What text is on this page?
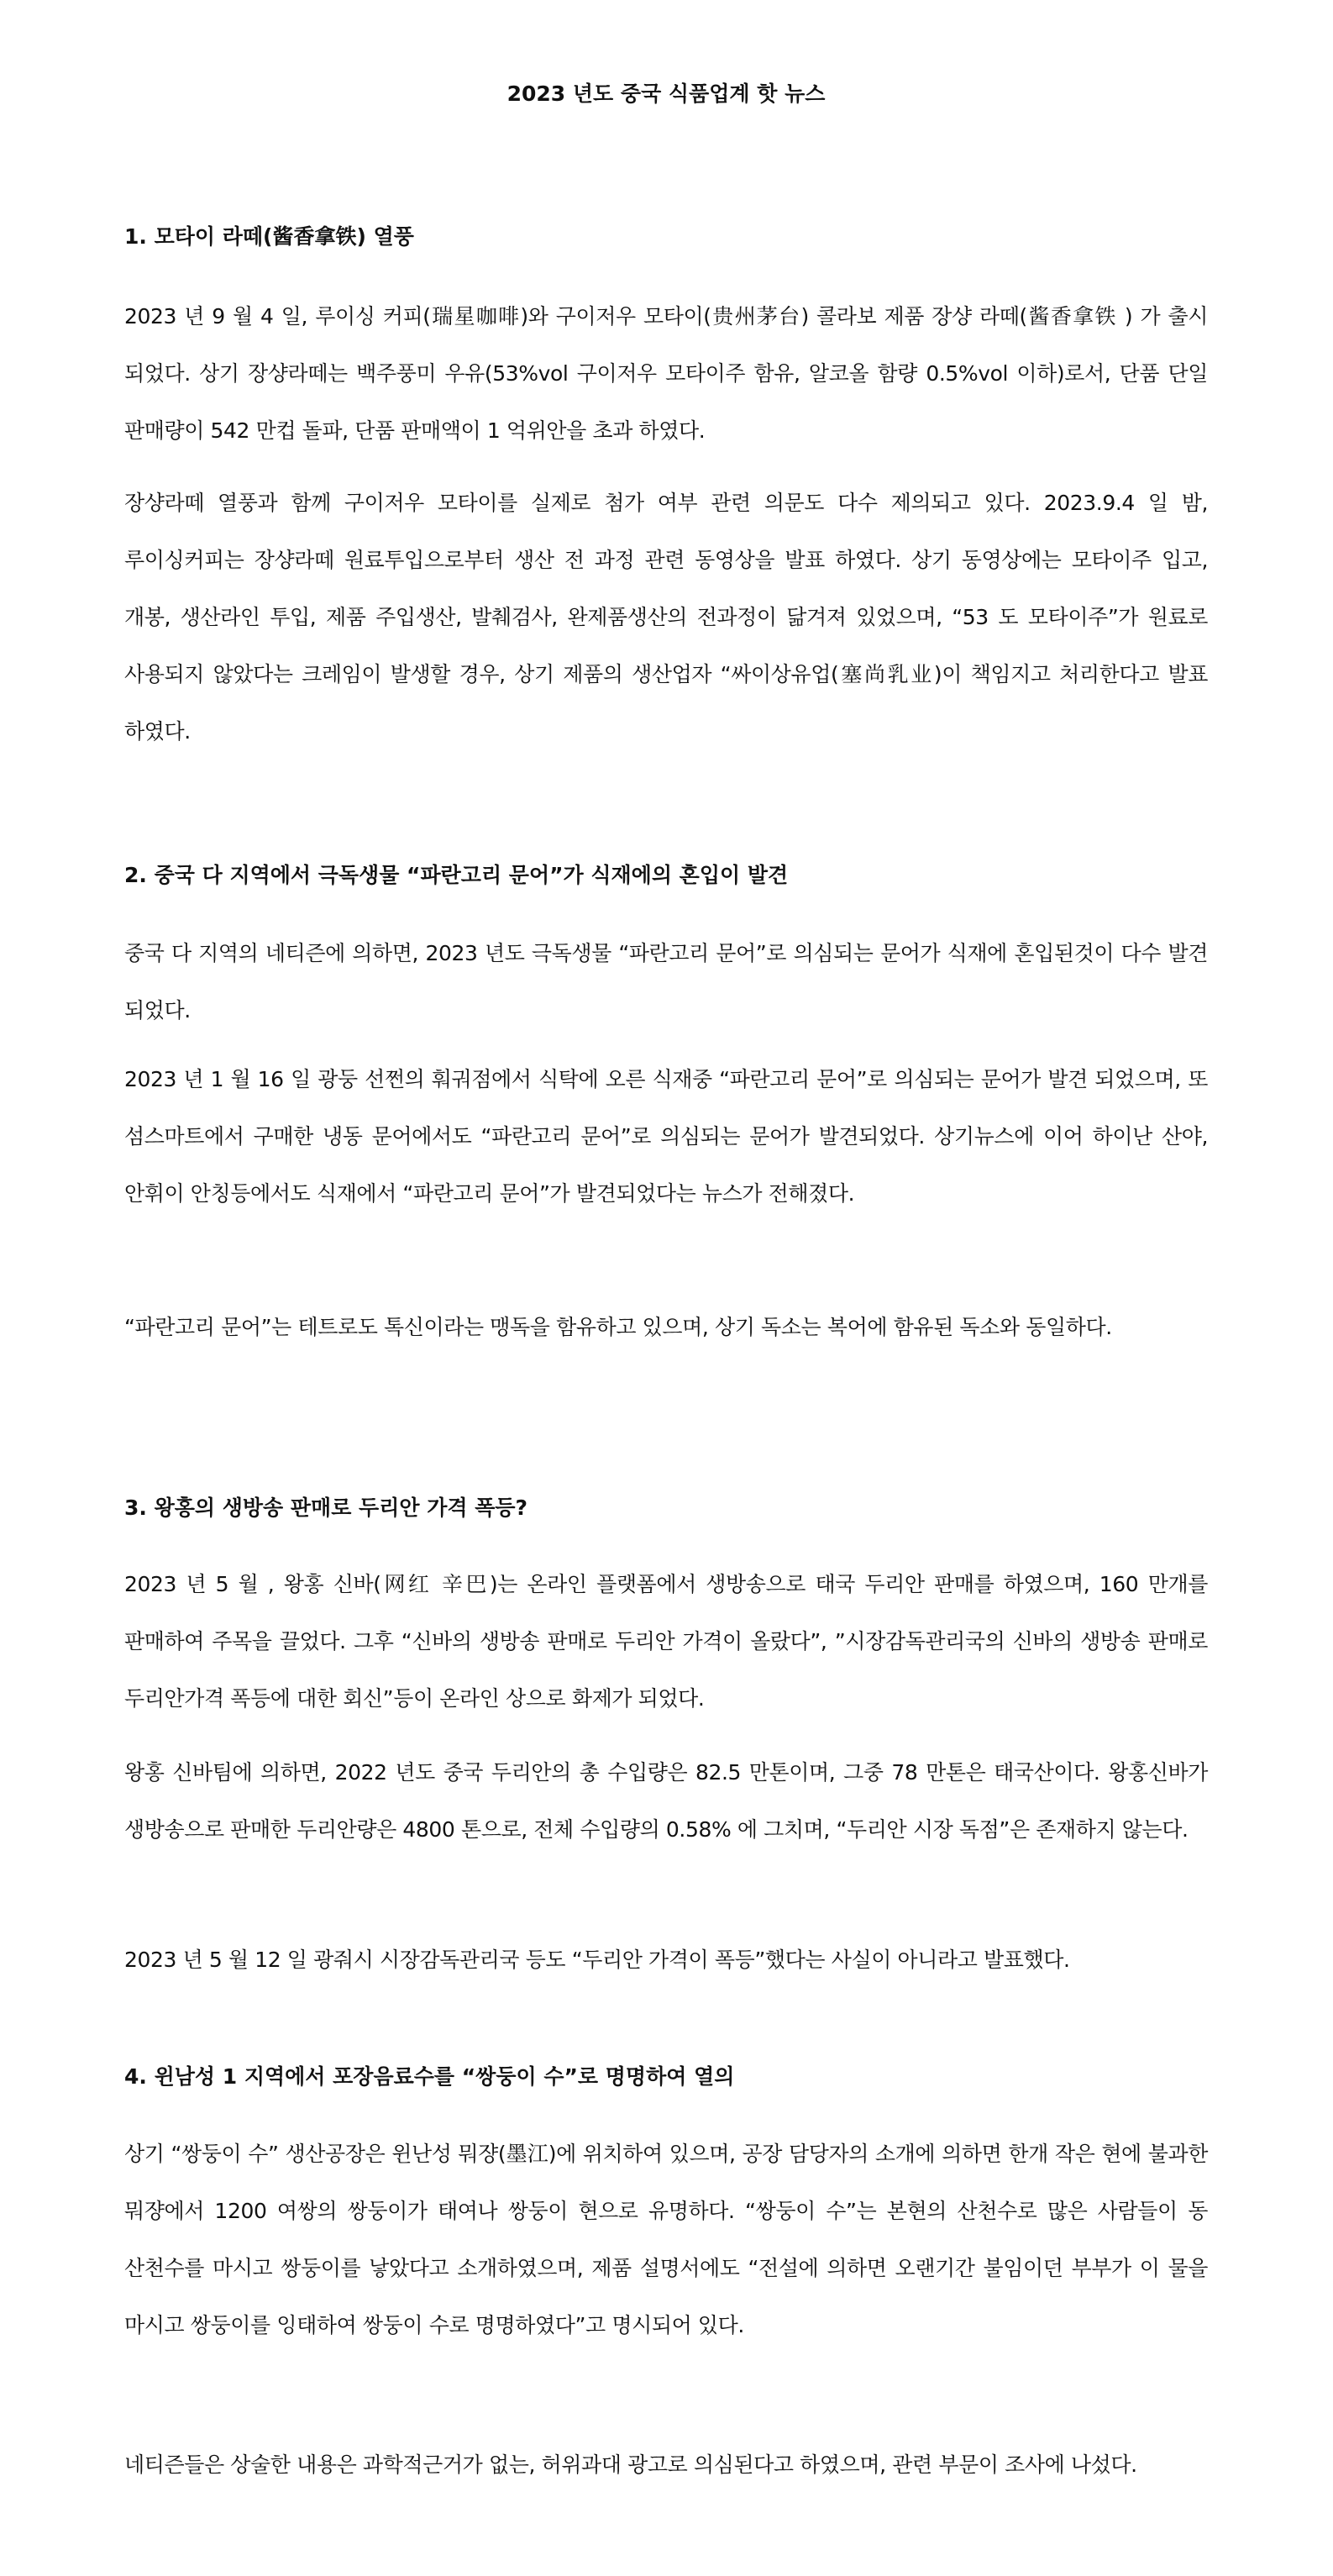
2023 년도 중국 식품업계 핫 뉴스
1. 모타이 라떼(酱香拿铁) 열풍

2023 년 9 월 4 일, 루이싱 커피(瑞星咖啡)와 구이저우 모타이(贵州茅台) 콜라보 제품 장샹 라떼(酱香拿铁 ) 가 출시 되었다. 상기 장샹라떼는 백주풍미 우유(53%vol 구이저우 모타이주 함유, 알코올 함량 0.5%vol 이하)로서, 단품 단일 판매량이 542 만컵 돌파, 단품 판매액이 1 억위안을 초과 하였다.

장샹라떼 열풍과 함께 구이저우 모타이를 실제로 첨가 여부 관련 의문도 다수 제의되고 있다. 2023.9.4 일 밤, 루이싱커피는 장샹라떼 원료투입으로부터 생산 전 과정 관련 동영상을 발표 하였다. 상기 동영상에는 모타이주 입고, 개봉, 생산라인 투입, 제품 주입생산, 발췌검사, 완제품생산의 전과정이 닮겨져 있었으며, “53 도 모타이주”가 원료로 사용되지 않았다는 크레임이 발생할 경우, 상기 제품의 생산업자 “싸이상유업(塞尚乳业)이 책임지고 처리한다고 발표 하였다.

2. 중국 다 지역에서 극독생물 “파란고리 문어”가 식재에의 혼입이 발견

중국 다 지역의 네티즌에 의하면, 2023 년도 극독생물 “파란고리 문어”로 의심되는 문어가 식재에 혼입된것이 다수 발견 되었다.

2023 년 1 월 16 일 광둥 선쩐의 훠궈점에서 식탁에 오른 식재중 “파란고리 문어”로 의심되는 문어가 발견 되었으며, 또 섬스마트에서 구매한 냉동 문어에서도 “파란고리 문어”로 의심되는 문어가 발견되었다. 상기뉴스에 이어 하이난 산야, 안휘이 안칭등에서도 식재에서 “파란고리 문어”가 발견되었다는 뉴스가 전해졌다.

“파란고리 문어”는 테트로도 톡신이라는 맹독을 함유하고 있으며, 상기 독소는 복어에 함유된 독소와 동일하다.

3. 왕홍의 생방송 판매로 두리안 가격 폭등?

2023 년 5 월 , 왕홍 신바(网红 辛巴)는 온라인 플랫폼에서 생방송으로 태국 두리안 판매를 하였으며, 160 만개를 판매하여 주목을 끌었다. 그후 “신바의 생방송 판매로 두리안 가격이 올랐다”, ”시장감독관리국의 신바의 생방송 판매로 두리안가격 폭등에 대한 회신”등이 온라인 상으로 화제가 되었다.

왕홍 신바팀에 의하면, 2022 년도 중국 두리안의 총 수입량은 82.5 만톤이며, 그중 78 만톤은 태국산이다. 왕홍신바가 생방송으로 판매한 두리안량은 4800 톤으로, 전체 수입량의 0.58% 에 그치며, “두리안 시장 독점”은 존재하지 않는다.

2023 년 5 월 12 일 광줘시 시장감독관리국 등도 “두리안 가격이 폭등”했다는 사실이 아니라고 발표했다.

4. 윈남성 1 지역에서 포장음료수를 “쌍둥이 수”로 명명하여 열의

상기 “쌍둥이 수” 생산공장은 윈난성 뭐쟝(墨江)에 위치하여 있으며, 공장 담당자의 소개에 의하면 한개 작은 현에 불과한 뭐쟝에서 1200 여쌍의 쌍둥이가 태여나 쌍둥이 현으로 유명하다. “쌍둥이 수”는 본현의 산천수로 많은 사람들이 동 산천수를 마시고 쌍둥이를 낳았다고 소개하였으며, 제품 설명서에도 “전설에 의하면 오랜기간 불임이던 부부가 이 물을 마시고 쌍둥이를 잉태하여 쌍둥이 수로 명명하였다”고 명시되어 있다.

네티즌들은 상술한 내용은 과학적근거가 없는, 허위과대 광고로 의심된다고 하였으며, 관련 부문이 조사에 나섰다.
